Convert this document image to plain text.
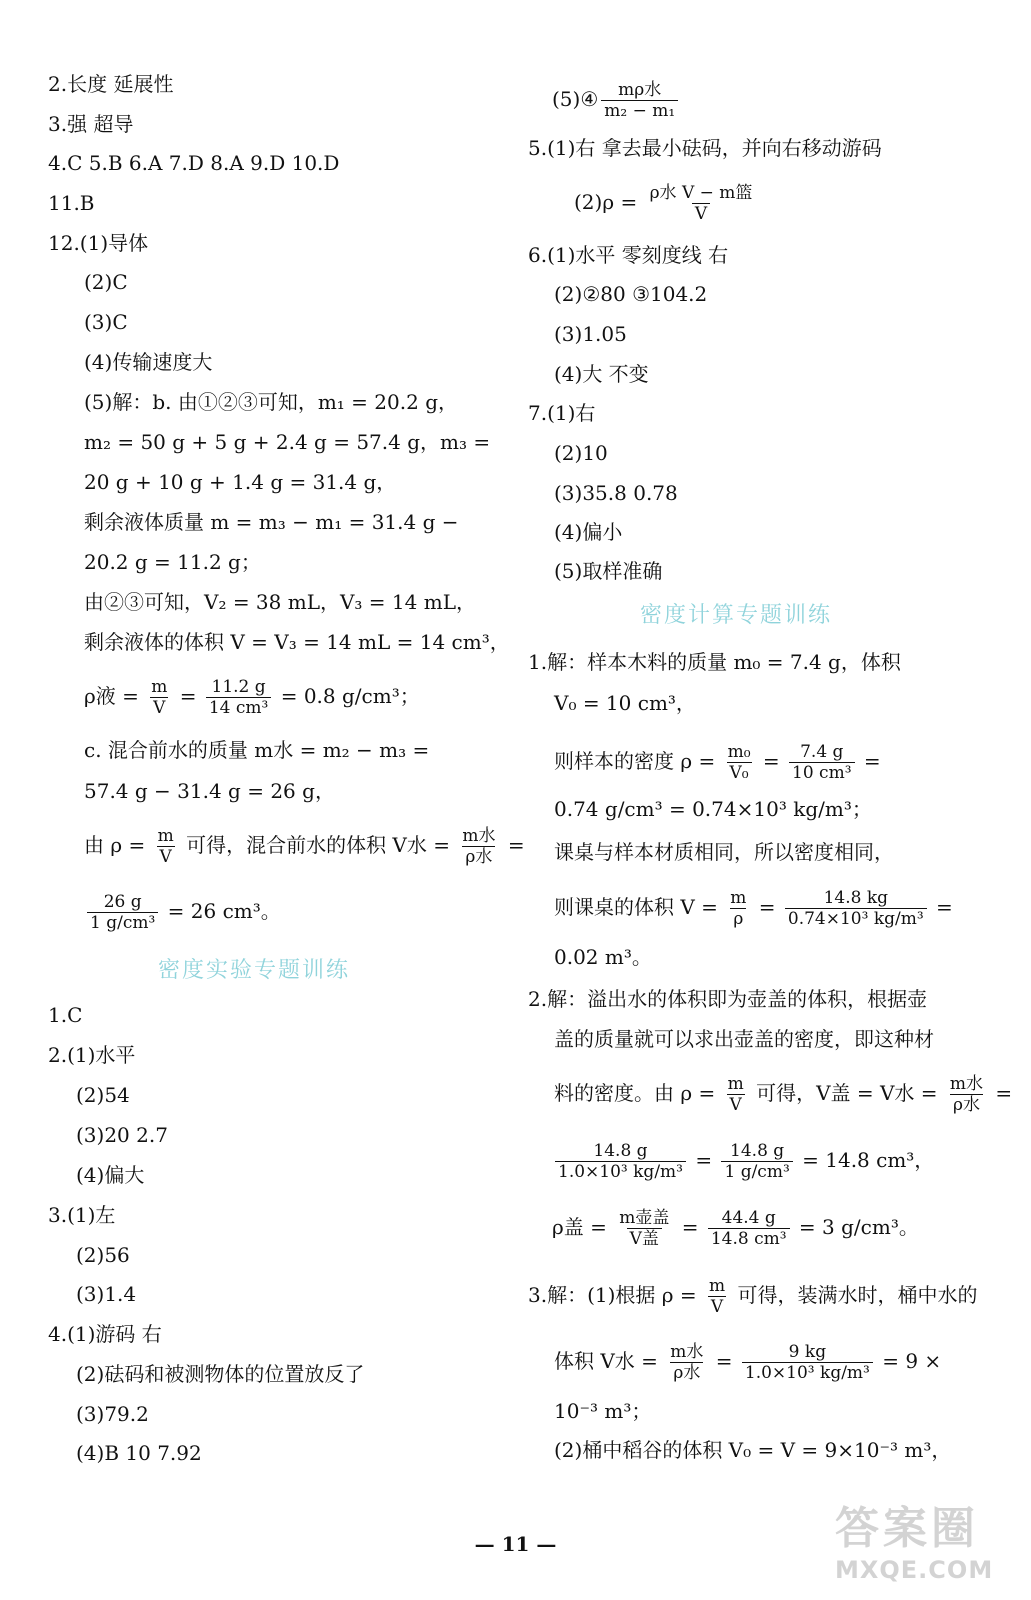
2.长度 延展性
3.强 超导
4.C 5.B 6.A 7.D 8.A 9.D 10.D
11.B
12.(1)导体
(2)C
(3)C
(4)传输速度大
(5)解：b. 由①②③可知，m₁ = 20.2 g，
m₂ = 50 g + 5 g + 2.4 g = 57.4 g，m₃ =
20 g + 10 g + 1.4 g = 31.4 g，
剩余液体质量 m = m₃ − m₁ = 31.4 g −
20.2 g = 11.2 g；
由②③可知，V₂ = 38 mL，V₃ = 14 mL，
剩余液体的体积 V = V₃ = 14 mL = 14 cm³，
ρ液 = $\frac{m}{V} = \frac{11.2 g}{\text{14 cm³}} = 0.8$ g/cm³；
c. 混合前水的质量 m水 = m₂ − m₃ =
57.4 g − 31.4 g = 26 g，
由 $\rho = \frac{m}{V}$ 可得，混合前水的体积 V水 = $\frac{\text{m水}}{\text{ρ水}}$ =
$\frac{26 g}{\text{1 g/cm³}} = 26$ cm³。
密度实验专题训练
1.C
2.(1)水平
(2)54
(3)20 2.7
(4)偏大
3.(1)左
(2)56
(3)1.4
4.(1)游码 右
(2)砝码和被测物体的位置放反了
(3)79.2
(4)B 10 7.92
(5)④ $\frac{\text{mρ水}}{\text{m₂ − m₁}}$
5.(1)右 拿去最小砝码，并向右移动游码
$(2)\rho = \frac{\text{ρ水 V − m篮}}{V}$
6.(1)水平 零刻度线 右
(2)②80 ③104.2
(3)1.05
(4)大 不变
7.(1)右
(2)10
(3)35.8 0.78
(4)偏小
(5)取样准确
密度计算专题训练
1.解：样本木料的质量 m₀ = 7.4 g，体积
V₀ = 10 cm³，
则样本的密度 $\rho = \frac{\text{m₀}}{\text{V₀}} = \frac{7.4 g}{\text{10 cm³}}$ =
0.74 g/cm³ = 0.74×10³ kg/m³；
课桌与样本材质相同，所以密度相同，
则课桌的体积 $V = \frac{m}{\rho} = \frac{14.8 kg}{\text{0.74×10³ kg/m³}}$ =
0.02 m³。
2.解：溢出水的体积即为壶盖的体积，根据壶
盖的质量就可以求出壶盖的密度，即这种材
料的密度。由 $\rho = \frac{m}{V}$ 可得，V盖 = V水 = $\frac{\text{m水}}{\text{ρ水}}$ =
$\frac{14.8 g}{\text{1.0×10³ kg/m³}} = \frac{14.8 g}{\text{1 g/cm³}} = 14.8$ cm³，
ρ盖 = $\frac{\text{m壶盖}}{\text{V盖}} = \frac{44.4 g}{\text{14.8 cm³}} = 3$ g/cm³。
3.解：(1)根据 $\rho = \frac{m}{V}$ 可得，装满水时，桶中水的
体积 V水 = $\frac{\text{m水}}{\text{ρ水}} = \frac{9 kg}{\text{1.0×10³ kg/m³}} = 9$ ×
10⁻³ m³；
(2)桶中稻谷的体积 V₀ = V = 9×10⁻³ m³，
— 11 —	答案圈
MXQE.COM
